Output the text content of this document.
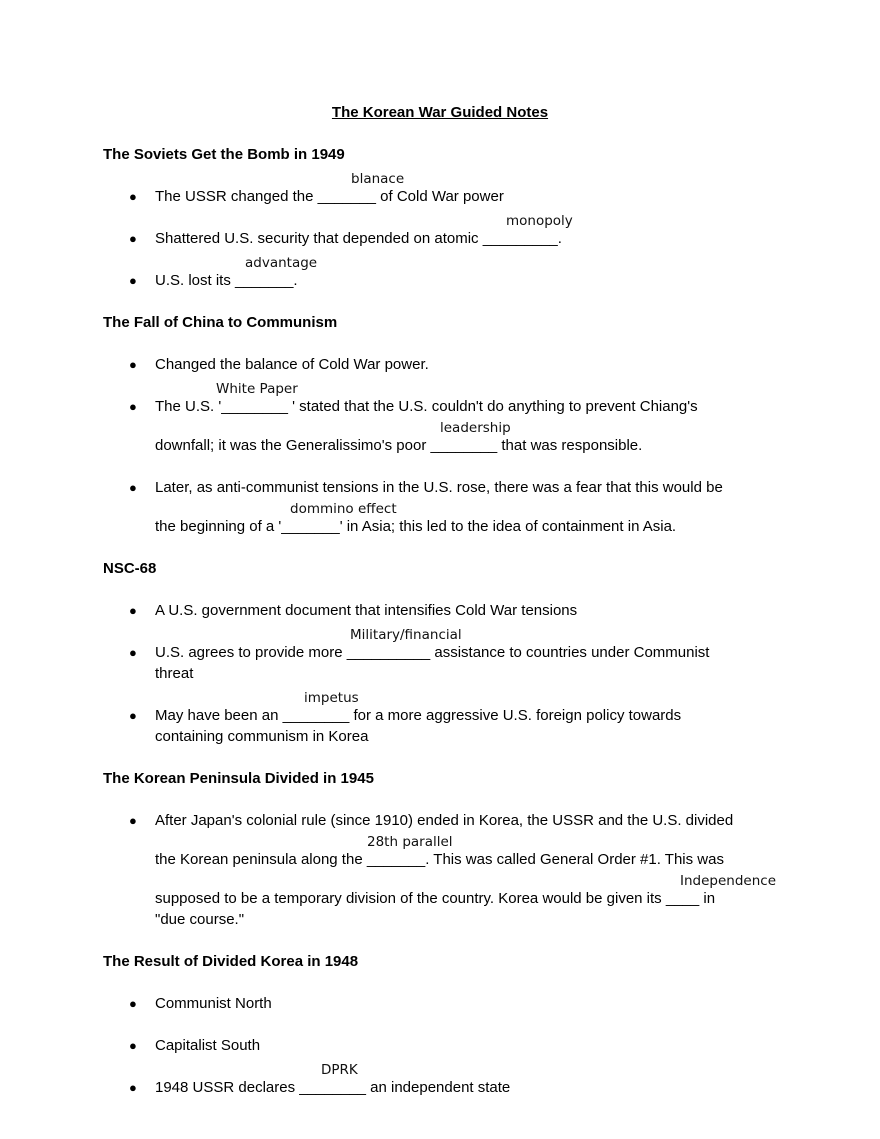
The Korean War Guided Notes
The Soviets Get the Bomb in 1949
● The USSR changed the _______ of Cold War power
blanace
● Shattered U.S. security that depended on atomic _________.
monopoly
● U.S. lost its _______.
advantage
The Fall of China to Communism
● Changed the balance of Cold War power.
● The U.S. '________ ' stated that the U.S. couldn't do anything to prevent Chiang's
White Paper
downfall; it was the Generalissimo's poor ________ that was responsible.
leadership
● Later, as anti-communist tensions in the U.S. rose, there was a fear that this would be
the beginning of a '_______' in Asia; this led to the idea of containment in Asia.
dommino effect
NSC-68
● A U.S. government document that intensifies Cold War tensions
● U.S. agrees to provide more __________ assistance to countries under Communist
Military/financial
threat
● May have been an ________ for a more aggressive U.S. foreign policy towards
impetus
containing communism in Korea
The Korean Peninsula Divided in 1945
● After Japan's colonial rule (since 1910) ended in Korea, the USSR and the U.S. divided
the Korean peninsula along the _______. This was called General Order #1. This was
28th parallel
supposed to be a temporary division of the country. Korea would be given its ____ in
Independence
"due course."
The Result of Divided Korea in 1948
● Communist North
● Capitalist South
● 1948 USSR declares ________ an independent state
DPRK
